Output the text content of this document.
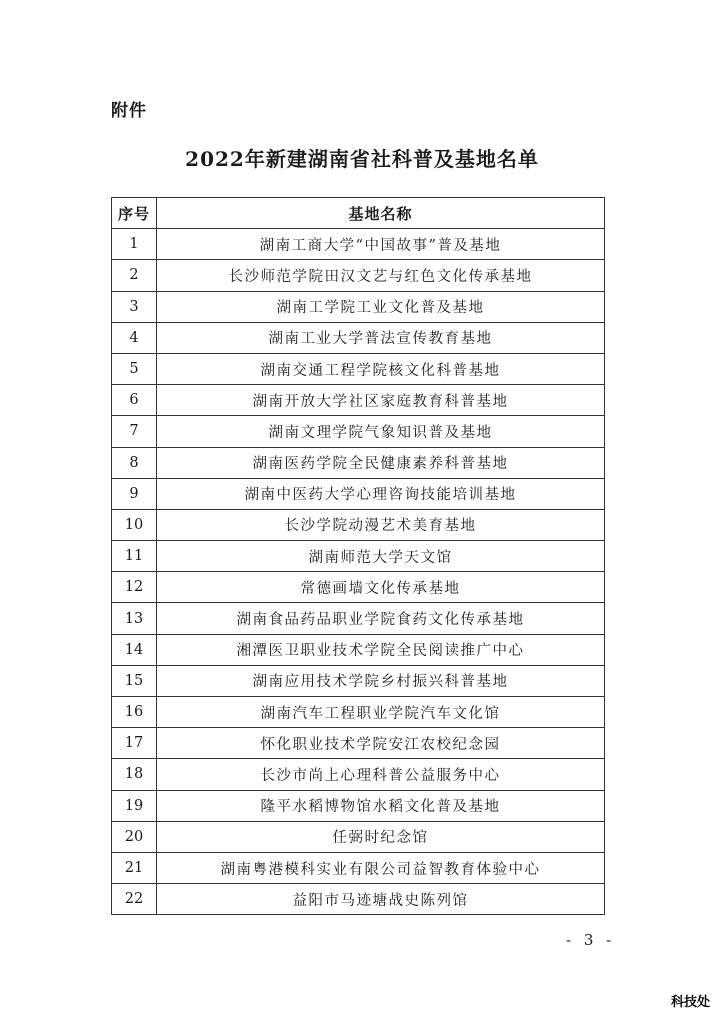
附件
2022年新建湖南省社科普及基地名单
序号	基地名称
1	湖南工商大学“中国故事”普及基地
2	长沙师范学院田汉文艺与红色文化传承基地
3	湖南工学院工业文化普及基地
4	湖南工业大学普法宣传教育基地
5	湖南交通工程学院核文化科普基地
6	湖南开放大学社区家庭教育科普基地
7	湖南文理学院气象知识普及基地
8	湖南医药学院全民健康素养科普基地
9	湖南中医药大学心理咨询技能培训基地
10	长沙学院动漫艺术美育基地
11	湖南师范大学天文馆
12	常德画墙文化传承基地
13	湖南食品药品职业学院食药文化传承基地
14	湘潭医卫职业技术学院全民阅读推广中心
15	湖南应用技术学院乡村振兴科普基地
16	湖南汽车工程职业学院汽车文化馆
17	怀化职业技术学院安江农校纪念园
18	长沙市尚上心理科普公益服务中心
19	隆平水稻博物馆水稻文化普及基地
20	任弼时纪念馆
21	湖南粤港模科实业有限公司益智教育体验中心
22	益阳市马迹塘战史陈列馆
- 3 -
科技处
